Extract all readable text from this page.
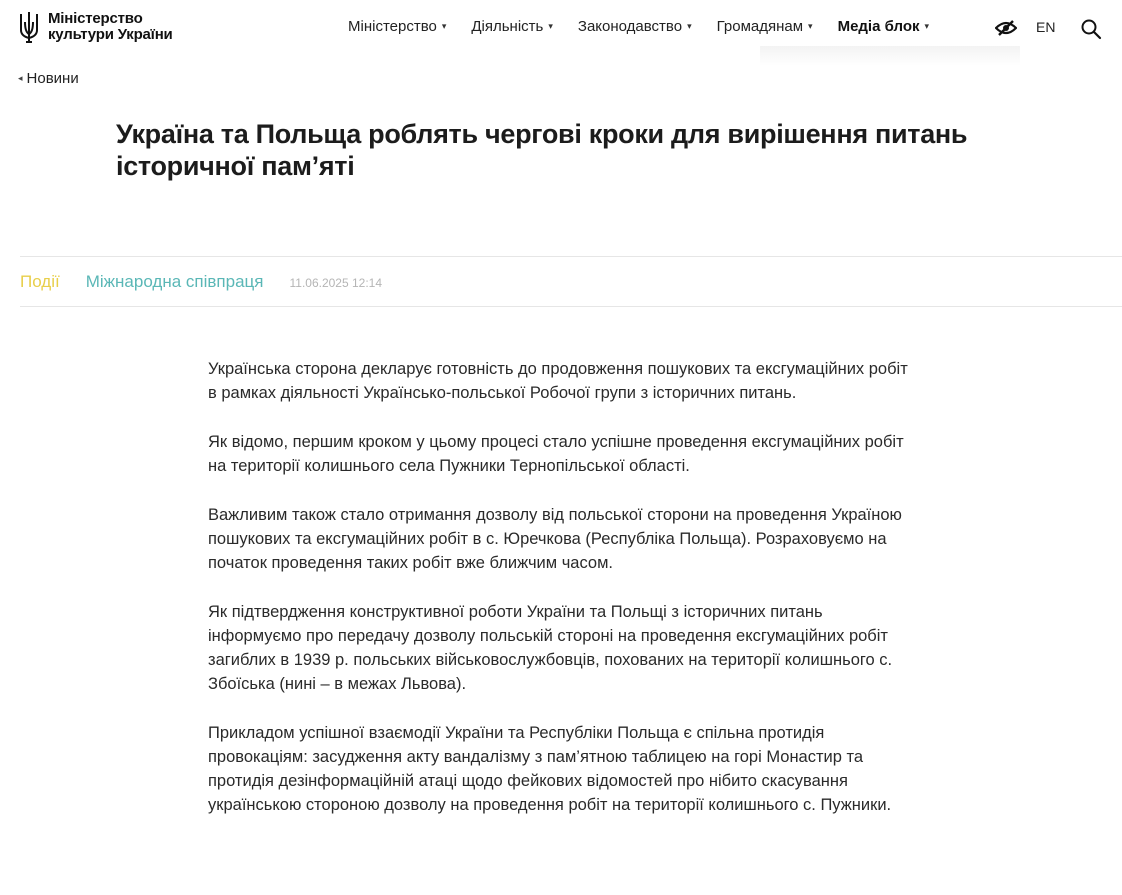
Міністерство
культури України	Міністерство ▾ Діяльність ▾ Законодавство ▾ Громадянам ▾ Медіа блок ▾	EN
◂ Новини
Україна та Польща роблять чергові кроки для вирішення питань історичної пам’яті
Події Міжнародна співпраця 11.06.2025 12:14

Українська сторона декларує готовність до продовження пошукових та ексгумаційних робіт в рамках діяльності Українсько-польської Робочої групи з історичних питань.

Як відомо, першим кроком у цьому процесі стало успішне проведення ексгумаційних робіт на території колишнього села Пужники Тернопільської області.

Важливим також стало отримання дозволу від польської сторони на проведення Україною пошукових та ексгумаційних робіт в с. Юречкова (Республіка Польща). Розраховуємо на початок проведення таких робіт вже ближчим часом.

Як підтвердження конструктивної роботи України та Польщі з історичних питань інформуємо про передачу дозволу польській стороні на проведення ексгумаційних робіт загиблих в 1939 р. польських військовослужбовців, похованих на території колишнього с. Збоїська (нині – в межах Львова).

Прикладом успішної взаємодії України та Республіки Польща є спільна протидія провокаціям: засудження акту вандалізму з пам’ятною таблицею на горі Монастир та протидія дезінформаційній атаці щодо фейкових відомостей про нібито скасування українською стороною дозволу на проведення робіт на території колишнього с. Пужники.
